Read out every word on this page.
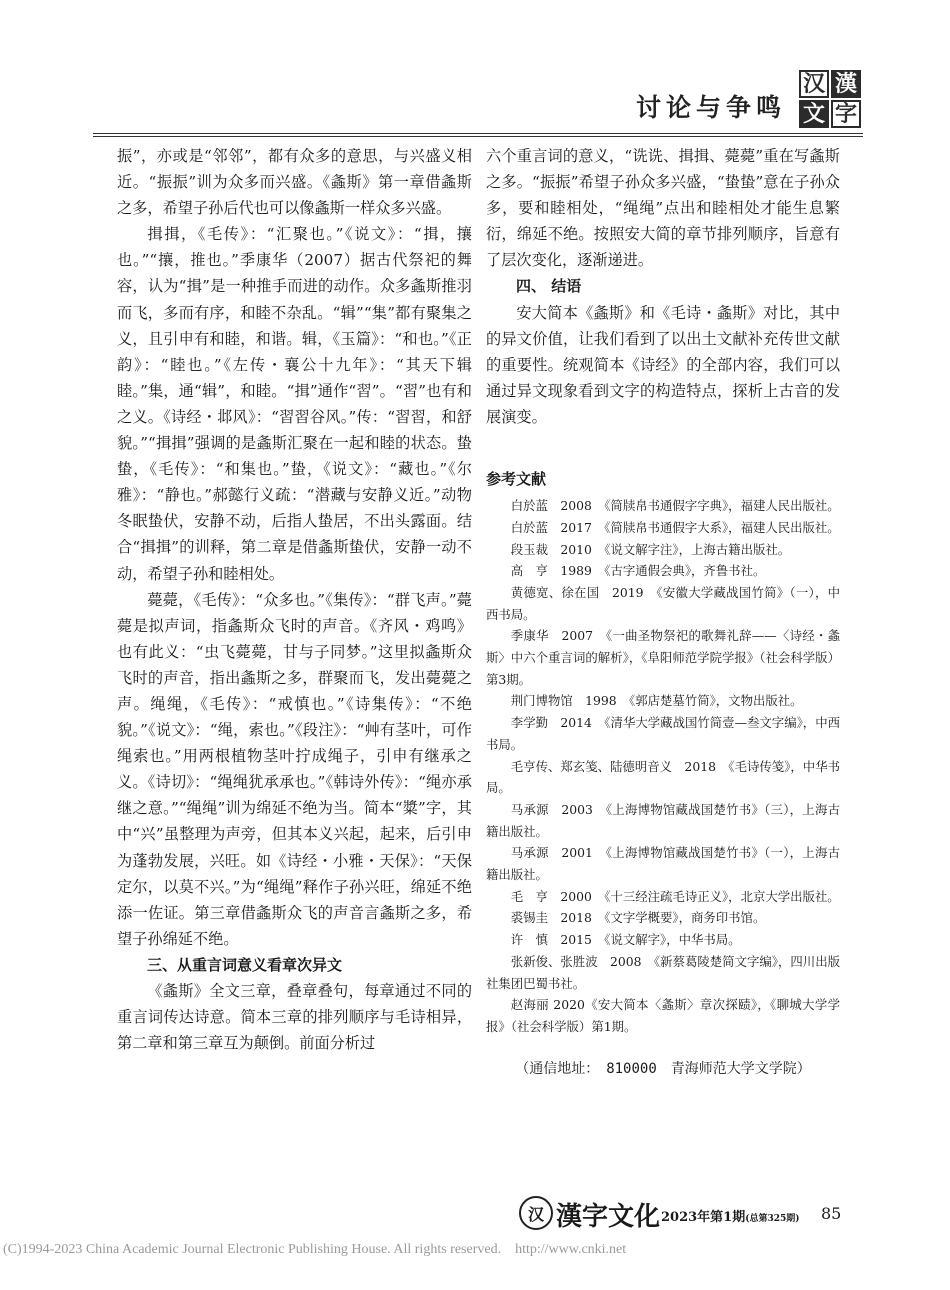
讨论与争鸣
汉 漢
文 字

振”，亦或是“邻邻”，都有众多的意思，与兴盛义相近。“振振”训为众多而兴盛。《螽斯》第一章借螽斯之多，希望子孙后代也可以像螽斯一样众多兴盛。

揖揖，《毛传》：“汇聚也。”《说文》：“揖，攘也。”“攘，推也。”季康华（2007）据古代祭祀的舞容，认为“揖”是一种推手而进的动作。众多螽斯推羽而飞，多而有序，和睦不杂乱。“辑”“集”都有聚集之义，且引申有和睦，和谐。辑，《玉篇》：“和也。”《正韵》：“睦也。”《左传・襄公十九年》：“其天下辑睦。”集，通“辑”，和睦。“揖”通作“習”。“習”也有和之义。《诗经・邶风》：“習習谷风。”传：“習習，和舒貌。”“揖揖”强调的是螽斯汇聚在一起和睦的状态。蛰蛰，《毛传》：“和集也。”蛰，《说文》：“藏也。”《尔雅》：“静也。”郝懿行义疏：“潜藏与安静义近。”动物冬眠蛰伏，安静不动，后指人蛰居，不出头露面。结合“揖揖”的训释，第二章是借螽斯蛰伏，安静一动不动，希望子孙和睦相处。

薨薨，《毛传》：“众多也。”《集传》：“群飞声。”薨薨是拟声词，指螽斯众飞时的声音。《齐风・鸡鸣》也有此义：“虫飞薨薨，甘与子同梦。”这里拟螽斯众飞时的声音，指出螽斯之多，群聚而飞，发出薨薨之声。绳绳，《毛传》：“戒慎也。”《诗集传》：“不绝貌。”《说文》：“绳，索也。”《段注》：“艸有茎叶，可作绳索也。”用两根植物茎叶拧成绳子，引申有继承之义。《诗切》：“绳绳犹承承也。”《韩诗外传》：“绳亦承继之意。”“绳绳”训为绵延不绝为当。简本“䊢”字，其中“兴”虽整理为声旁，但其本义兴起，起来，后引申为蓬勃发展，兴旺。如《诗经・小雅・天保》：“天保定尔，以莫不兴。”为“绳绳”释作子孙兴旺，绵延不绝添一佐证。第三章借螽斯众飞的声音言螽斯之多，希望子孙绵延不绝。

三、从重言词意义看章次异文

《螽斯》全文三章，叠章叠句，每章通过不同的重言词传达诗意。简本三章的排列顺序与毛诗相异，第二章和第三章互为颠倒。前面分析过

六个重言词的意义，“诜诜、揖揖、薨薨”重在写螽斯之多。“振振”希望子孙众多兴盛，“蛰蛰”意在子孙众多，要和睦相处，“绳绳”点出和睦相处才能生息繁衍，绵延不绝。按照安大简的章节排列顺序，旨意有了层次变化，逐渐递进。

四、 结语

安大简本《螽斯》和《毛诗・螽斯》对比，其中的异文价值，让我们看到了以出土文献补充传世文献的重要性。统观简本《诗经》的全部内容，我们可以通过异文现象看到文字的构造特点，探析上古音的发展演变。

参考文献

白於蓝　2008　《简牍帛书通假字字典》，福建人民出版社。

白於蓝　2017　《简牍帛书通假字大系》，福建人民出版社。

段玉裁　2010　《说文解字注》，上海古籍出版社。

高　亨　1989　《古字通假会典》，齐鲁书社。

黄德宽、徐在国　2019　《安徽大学藏战国竹简》（一），中西书局。

季康华　2007　《一曲圣物祭祀的歌舞礼辞——〈诗经・螽斯〉中六个重言词的解析》，《阜阳师范学院学报》（社会科学版）第3期。

荆门博物馆　1998　《郭店楚墓竹简》，文物出版社。

李学勤　2014　《清华大学藏战国竹简壹—叁文字编》，中西书局。

毛亨传、郑玄笺、陆德明音义　2018　《毛诗传笺》，中华书局。

马承源　2003　《上海博物馆藏战国楚竹书》（三），上海古籍出版社。

马承源　2001　《上海博物馆藏战国楚竹书》（一），上海古籍出版社。

毛　亨　2000　《十三经注疏毛诗正义》，北京大学出版社。

裘锡圭　2018　《文字学概要》，商务印书馆。

许　慎　2015　《说文解字》，中华书局。

张新俊、张胜波　2008　《新蔡葛陵楚简文字编》，四川出版社集团巴蜀书社。

赵海丽 2020《安大简本〈螽斯〉章次探赜》，《聊城大学学报》（社会科学版）第1期。

（通信地址：　810000　青海师范大学文学院）

汉 漢字文化 2023年第1期(总第325期) 85
(C)1994-2023 China Academic Journal Electronic Publishing House. All rights reserved.　http://www.cnki.net
